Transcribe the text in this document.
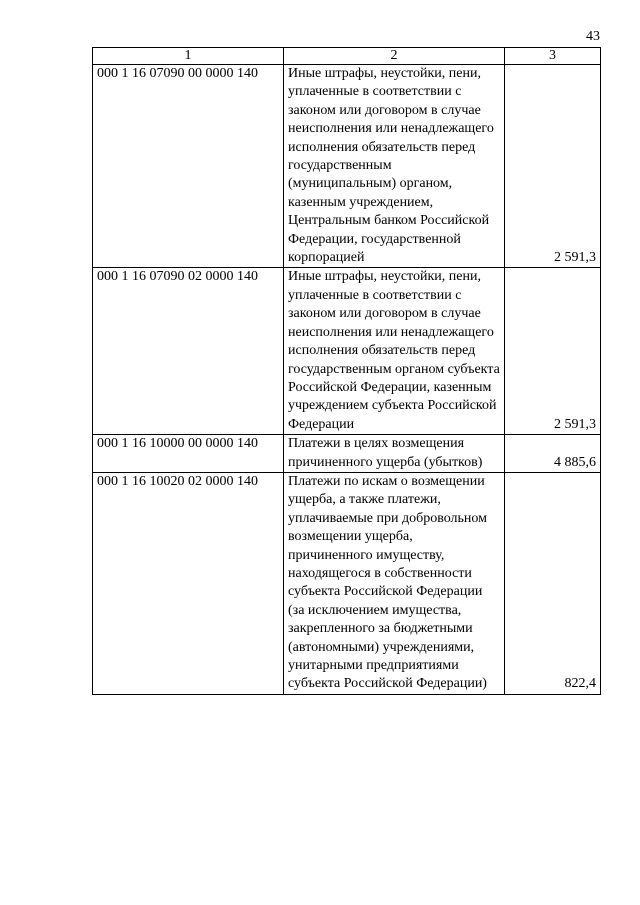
43
1	2	3
000 1 16 07090 00 0000 140	Иные штрафы, неустойки, пени, уплаченные в соответствии с законом или договором в случае неисполнения или ненадлежащего исполнения обязательств перед государственным (муниципальным) органом, казенным учреждением, Центральным банком Российской Федерации, государственной корпорацией	2 591,3
000 1 16 07090 02 0000 140	Иные штрафы, неустойки, пени, уплаченные в соответствии с законом или договором в случае неисполнения или ненадлежащего исполнения обязательств перед государственным органом субъекта Российской Федерации, казенным учреждением субъекта Российской Федерации	2 591,3
000 1 16 10000 00 0000 140	Платежи в целях возмещения причиненного ущерба (убытков)	4 885,6
000 1 16 10020 02 0000 140	Платежи по искам о возмещении ущерба, а также платежи, уплачиваемые при добровольном возмещении ущерба, причиненного имуществу, находящегося в собственности субъекта Российской Федерации (за исключением имущества, закрепленного за бюджетными (автономными) учреждениями, унитарными предприятиями субъекта Российской Федерации)	822,4
